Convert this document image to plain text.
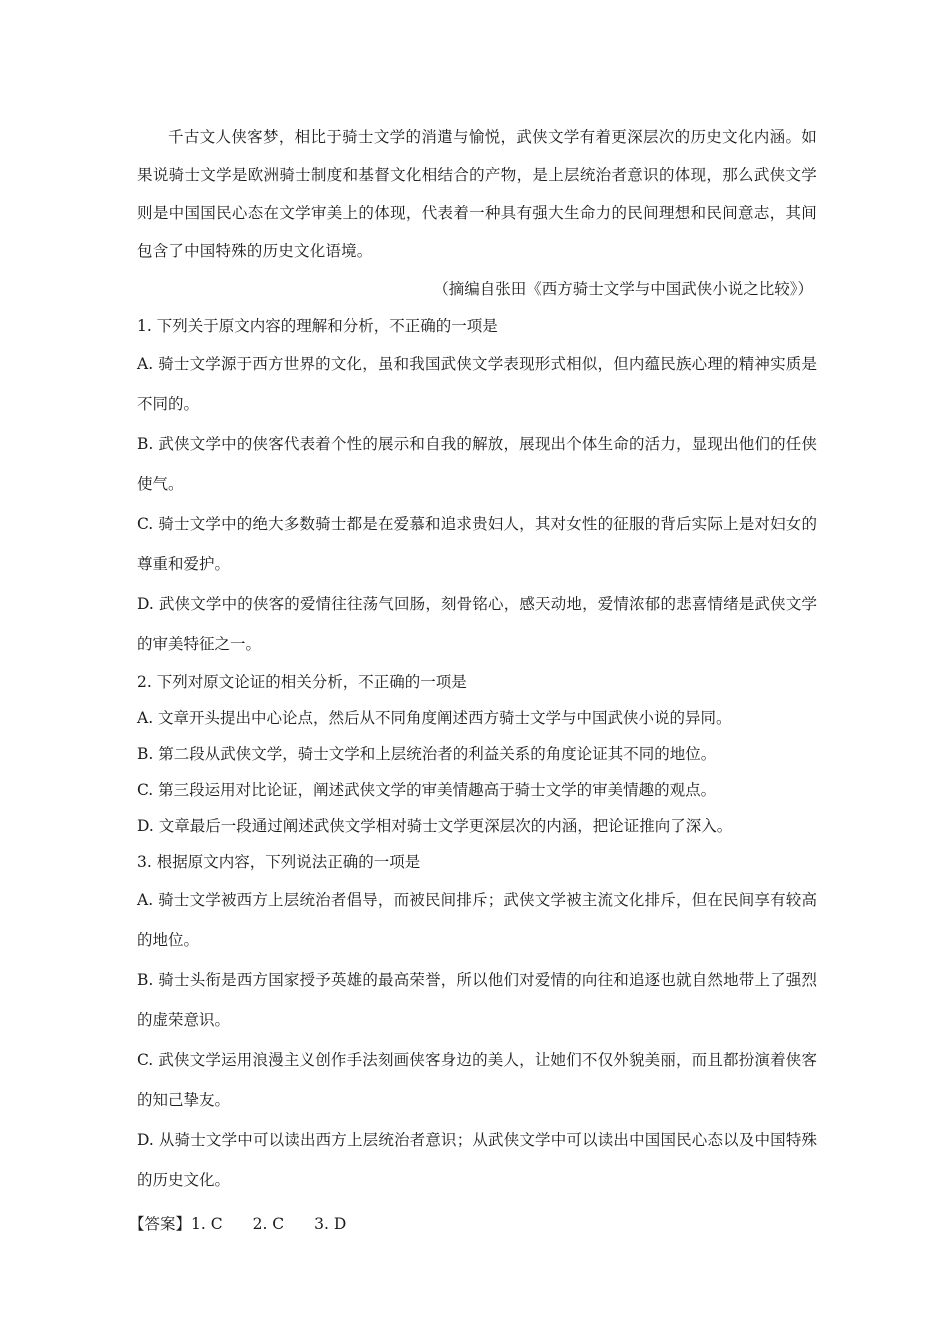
千古文人侠客梦，相比于骑士文学的消遣与愉悦，武侠文学有着更深层次的历史文化内涵。如果说骑士文学是欧洲骑士制度和基督文化相结合的产物，是上层统治者意识的体现，那么武侠文学则是中国国民心态在文学审美上的体现，代表着一种具有强大生命力的民间理想和民间意志，其间包含了中国特殊的历史文化语境。

（摘编自张田《西方骑士文学与中国武侠小说之比较》）

1. 下列关于原文内容的理解和分析，不正确的一项是

A. 骑士文学源于西方世界的文化，虽和我国武侠文学表现形式相似，但内蕴民族心理的精神实质是不同的。

B. 武侠文学中的侠客代表着个性的展示和自我的解放，展现出个体生命的活力，显现出他们的任侠使气。

C. 骑士文学中的绝大多数骑士都是在爱慕和追求贵妇人，其对女性的征服的背后实际上是对妇女的尊重和爱护。

D. 武侠文学中的侠客的爱情往往荡气回肠，刻骨铭心，感天动地，爱情浓郁的悲喜情绪是武侠文学的审美特征之一。

2. 下列对原文论证的相关分析，不正确的一项是

A. 文章开头提出中心论点，然后从不同角度阐述西方骑士文学与中国武侠小说的异同。

B. 第二段从武侠文学，骑士文学和上层统治者的利益关系的角度论证其不同的地位。

C. 第三段运用对比论证，阐述武侠文学的审美情趣高于骑士文学的审美情趣的观点。

D. 文章最后一段通过阐述武侠文学相对骑士文学更深层次的内涵，把论证推向了深入。

3. 根据原文内容，下列说法正确的一项是

A. 骑士文学被西方上层统治者倡导，而被民间排斥；武侠文学被主流文化排斥，但在民间享有较高的地位。

B. 骑士头衔是西方国家授予英雄的最高荣誉，所以他们对爱情的向往和追逐也就自然地带上了强烈的虚荣意识。

C. 武侠文学运用浪漫主义创作手法刻画侠客身边的美人，让她们不仅外貌美丽，而且都扮演着侠客的知己挚友。

D. 从骑士文学中可以读出西方上层统治者意识；从武侠文学中可以读出中国国民心态以及中国特殊的历史文化。

【答案】1. C 2. C 3. D
